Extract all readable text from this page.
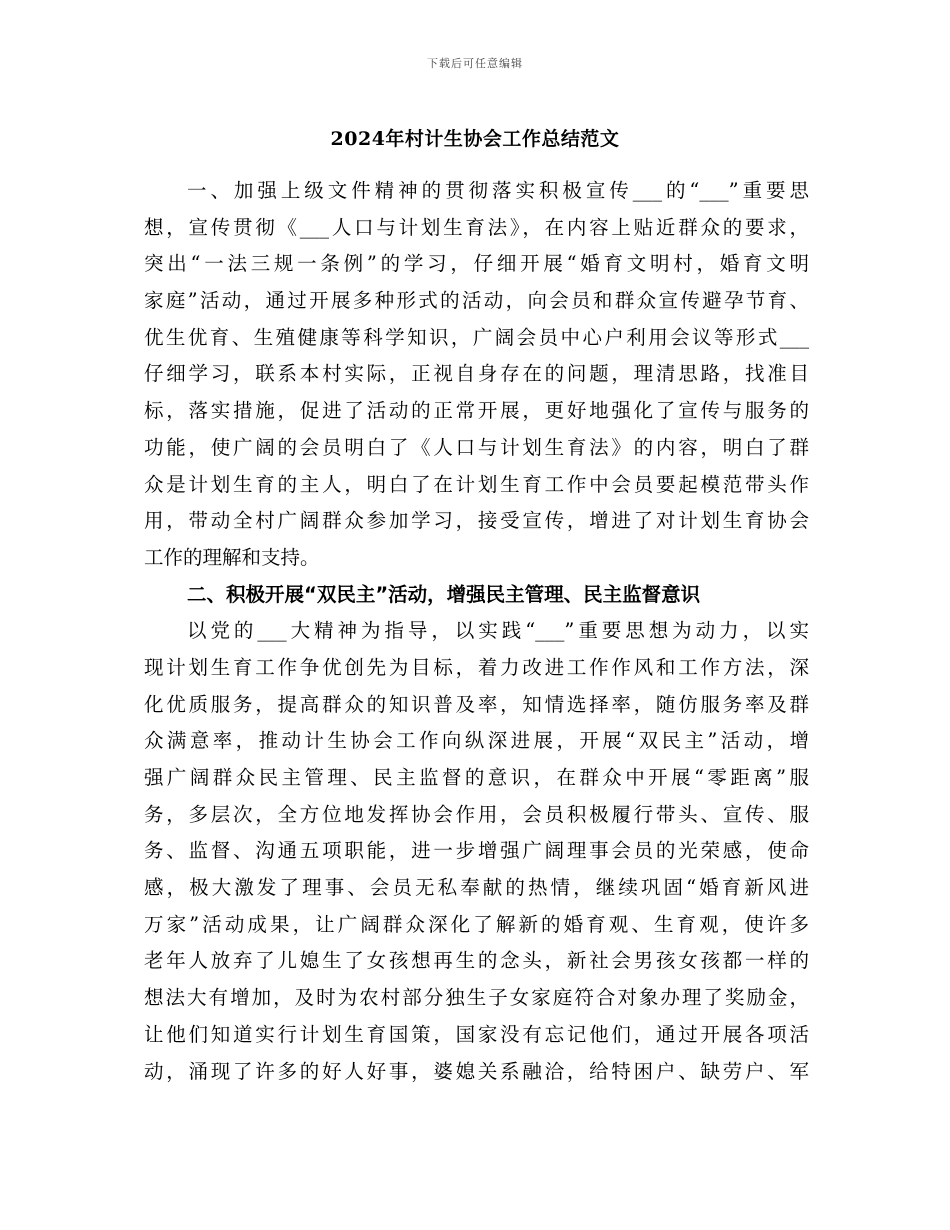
下载后可任意编辑
2024年村计生协会工作总结范文
一、加强上级文件精神的贯彻落实积极宣传___的“___”重要思
想，宣传贯彻《___人口与计划生育法》，在内容上贴近群众的要求，
突出“一法三规一条例”的学习，仔细开展“婚育文明村，婚育文明
家庭”活动，通过开展多种形式的活动，向会员和群众宣传避孕节育、
优生优育、生殖健康等科学知识，广阔会员中心户利用会议等形式___
仔细学习，联系本村实际，正视自身存在的问题，理清思路，找准目
标，落实措施，促进了活动的正常开展，更好地强化了宣传与服务的
功能，使广阔的会员明白了《人口与计划生育法》的内容，明白了群
众是计划生育的主人，明白了在计划生育工作中会员要起模范带头作
用，带动全村广阔群众参加学习，接受宣传，增进了对计划生育协会
工作的理解和支持。
二、积极开展“双民主”活动，增强民主管理、民主监督意识
以党的___大精神为指导，以实践“___”重要思想为动力，以实
现计划生育工作争优创先为目标，着力改进工作作风和工作方法，深
化优质服务，提高群众的知识普及率，知情选择率，随仿服务率及群
众满意率，推动计生协会工作向纵深进展，开展“双民主”活动，增
强广阔群众民主管理、民主监督的意识，在群众中开展“零距离”服
务，多层次，全方位地发挥协会作用，会员积极履行带头、宣传、服
务、监督、沟通五项职能，进一步增强广阔理事会员的光荣感，使命
感，极大激发了理事、会员无私奉献的热情，继续巩固“婚育新风进
万家”活动成果，让广阔群众深化了解新的婚育观、生育观，使许多
老年人放弃了儿媳生了女孩想再生的念头，新社会男孩女孩都一样的
想法大有增加，及时为农村部分独生子女家庭符合对象办理了奖励金，
让他们知道实行计划生育国策，国家没有忘记他们，通过开展各项活
动，涌现了许多的好人好事，婆媳关系融洽，给特困户、缺劳户、军
